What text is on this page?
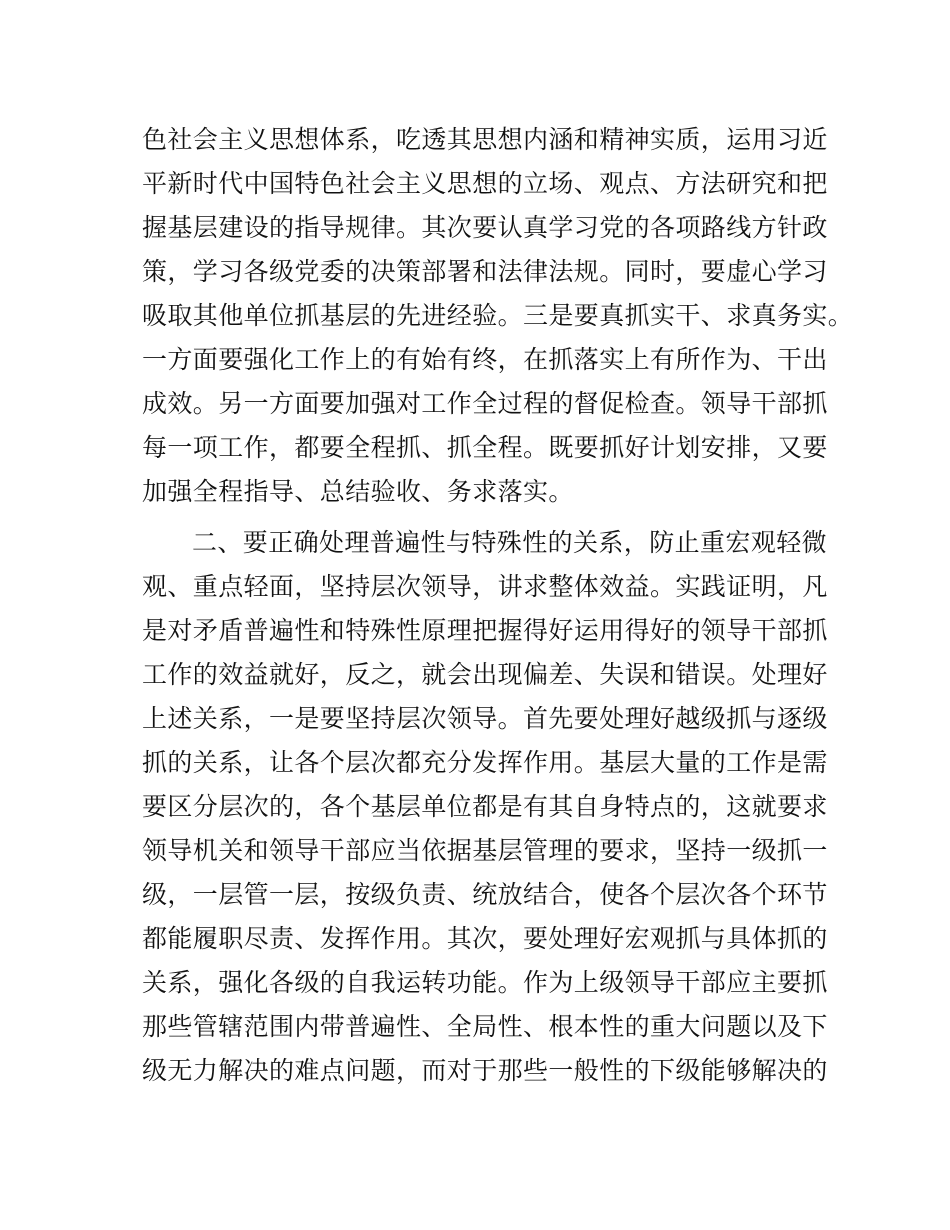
色社会主义思想体系，吃透其思想内涵和精神实质，运用习近
平新时代中国特色社会主义思想的立场、观点、方法研究和把
握基层建设的指导规律。其次要认真学习党的各项路线方针政
策，学习各级党委的决策部署和法律法规。同时，要虚心学习
吸取其他单位抓基层的先进经验。三是要真抓实干、求真务实。
一方面要强化工作上的有始有终，在抓落实上有所作为、干出
成效。另一方面要加强对工作全过程的督促检查。领导干部抓
每一项工作，都要全程抓、抓全程。既要抓好计划安排，又要
加强全程指导、总结验收、务求落实。
二、要正确处理普遍性与特殊性的关系，防止重宏观轻微
观、重点轻面，坚持层次领导，讲求整体效益。实践证明，凡
是对矛盾普遍性和特殊性原理把握得好运用得好的领导干部抓
工作的效益就好，反之，就会出现偏差、失误和错误。处理好
上述关系，一是要坚持层次领导。首先要处理好越级抓与逐级
抓的关系，让各个层次都充分发挥作用。基层大量的工作是需
要区分层次的，各个基层单位都是有其自身特点的，这就要求
领导机关和领导干部应当依据基层管理的要求，坚持一级抓一
级，一层管一层，按级负责、统放结合，使各个层次各个环节
都能履职尽责、发挥作用。其次，要处理好宏观抓与具体抓的
关系，强化各级的自我运转功能。作为上级领导干部应主要抓
那些管辖范围内带普遍性、全局性、根本性的重大问题以及下
级无力解决的难点问题，而对于那些一般性的下级能够解决的
